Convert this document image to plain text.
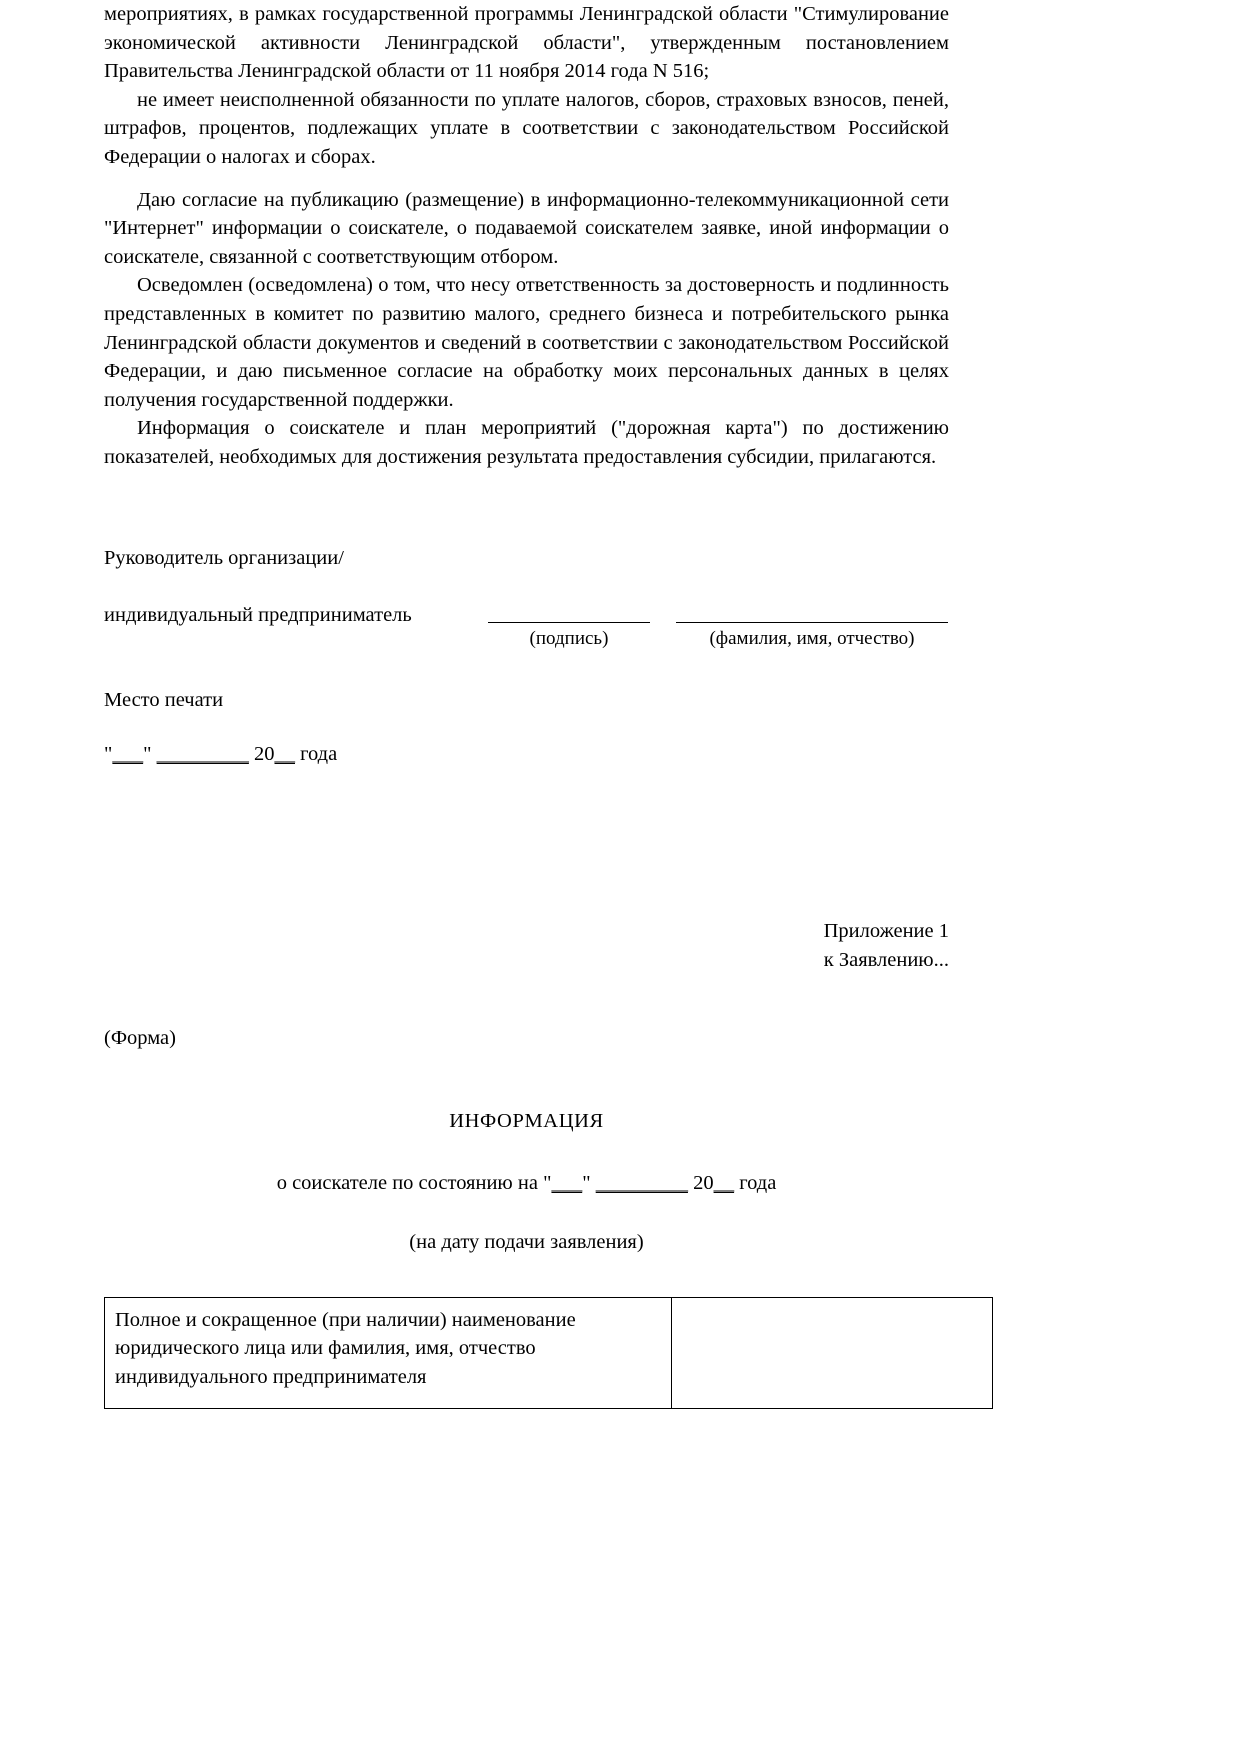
мероприятиях, в рамках государственной программы Ленинградской области "Стимулирование экономической активности Ленинградской области", утвержденным постановлением Правительства Ленинградской области от 11 ноября 2014 года N 516;

не имеет неисполненной обязанности по уплате налогов, сборов, страховых взносов, пеней, штрафов, процентов, подлежащих уплате в соответствии с законодательством Российской Федерации о налогах и сборах.

Даю согласие на публикацию (размещение) в информационно-телекоммуникационной сети "Интернет" информации о соискателе, о подаваемой соискателем заявке, иной информации о соискателе, связанной с соответствующим отбором.

Осведомлен (осведомлена) о том, что несу ответственность за достоверность и подлинность представленных в комитет по развитию малого, среднего бизнеса и потребительского рынка Ленинградской области документов и сведений в соответствии с законодательством Российской Федерации, и даю письменное согласие на обработку моих персональных данных в целях получения государственной поддержки.

Информация о соискателе и план мероприятий ("дорожная карта") по достижению показателей, необходимых для достижения результата предоставления субсидии, прилагаются.

Руководитель организации/

индивидуальный предприниматель

(подпись)	(фамилия, имя, отчество)
Место печати
"___" _________ 20__ года
Приложение 1
к Заявлению...
(Форма)
ИНФОРМАЦИЯ
о соискателе по состоянию на "___" _________ 20__ года
(на дату подачи заявления)
Полное и сокращенное (при наличии) наименование юридического лица или фамилия, имя, отчество индивидуального предпринимателя	
